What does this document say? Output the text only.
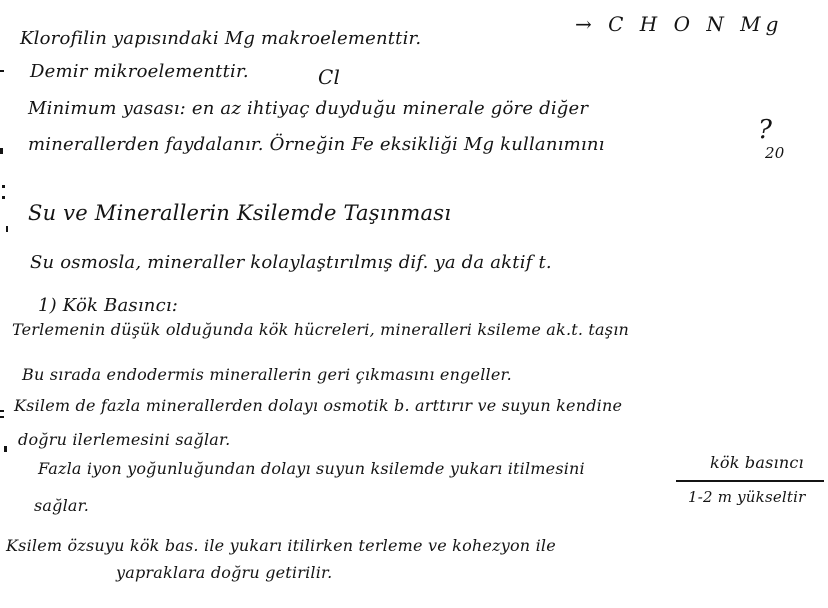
Klorofilin yapısındaki Mg makroelementtir.
→ C H O N Mg
Demir mikroelementtir.	Cl
Minimum yasası: en az ihtiyaç duyduğu minerale göre diğer
minerallerden faydalanır. Örneğin Fe eksikliği Mg kullanımını	?
20
Su ve Minerallerin Ksilemde Taşınması
Su osmosla, mineraller kolaylaştırılmış dif. ya da aktif t.
1) Kök Basıncı:
Terlemenin düşük olduğunda kök hücreleri, mineralleri ksileme ak.t. taşın
Bu sırada endodermis minerallerin geri çıkmasını engeller.
Ksilem de fazla minerallerden dolayı osmotik b. arttırır ve suyun kendine
doğru ilerlemesini sağlar.
Fazla iyon yoğunluğundan dolayı suyun ksilemde yukarı itilmesini	kök basıncı
sağlar.	1-2 m yükseltir
Ksilem özsuyu kök bas. ile yukarı itilirken terleme ve kohezyon ile
yapraklara doğru getirilir.
